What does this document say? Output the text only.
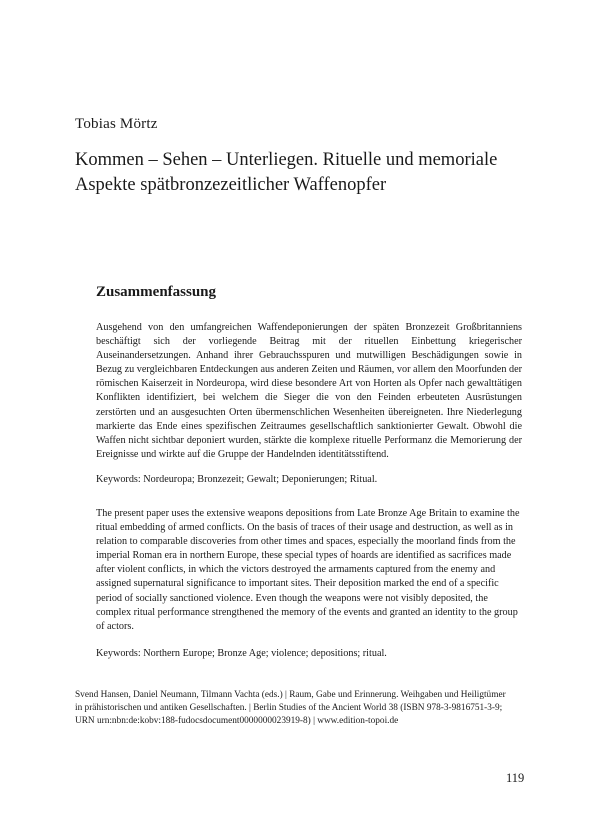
Tobias Mörtz

Kommen – Sehen – Unterliegen. Rituelle und memoriale Aspekte spätbronzezeitlicher Waffenopfer
Zusammenfassung

Ausgehend von den umfangreichen Waffendeponierungen der späten Bronzezeit Großbritanniens beschäftigt sich der vorliegende Beitrag mit der rituellen Einbettung kriegerischer Auseinandersetzungen. Anhand ihrer Gebrauchsspuren und mutwilligen Beschädigungen sowie in Bezug zu vergleichbaren Entdeckungen aus anderen Zeiten und Räumen, vor allem den Moorfunden der römischen Kaiserzeit in Nordeuropa, wird diese besondere Art von Horten als Opfer nach gewalttätigen Konflikten identifiziert, bei welchem die Sieger die von den Feinden erbeuteten Ausrüstungen zerstörten und an ausgesuchten Orten übermenschlichen Wesenheiten übereigneten. Ihre Niederlegung markierte das Ende eines spezifischen Zeitraumes gesellschaftlich sanktionierter Gewalt. Obwohl die Waffen nicht sichtbar deponiert wurden, stärkte die komplexe rituelle Performanz die Memorierung der Ereignisse und wirkte auf die Gruppe der Handelnden identitätsstiftend.

Keywords: Nordeuropa; Bronzezeit; Gewalt; Deponierungen; Ritual.

The present paper uses the extensive weapons depositions from Late Bronze Age Britain to examine the ritual embedding of armed conflicts. On the basis of traces of their usage and destruction, as well as in relation to comparable discoveries from other times and spaces, especially the moorland finds from the imperial Roman era in northern Europe, these special types of hoards are identified as sacrifices made after violent conflicts, in which the victors destroyed the armaments captured from the enemy and assigned supernatural significance to important sites. Their deposition marked the end of a specific period of socially sanctioned violence. Even though the weapons were not visibly deposited, the complex ritual performance strengthened the memory of the events and granted an identity to the group of actors.

Keywords: Northern Europe; Bronze Age; violence; depositions; ritual.

Svend Hansen, Daniel Neumann, Tilmann Vachta (eds.) | Raum, Gabe und Erinnerung. Weihgaben und Heiligtümer in prähistorischen und antiken Gesellschaften. | Berlin Studies of the Ancient World 38 (ISBN 978-3-9816751-3-9; URN urn:nbn:de:kobv:188-fudocsdocument0000000023919-8) | www.edition-topoi.de

119
